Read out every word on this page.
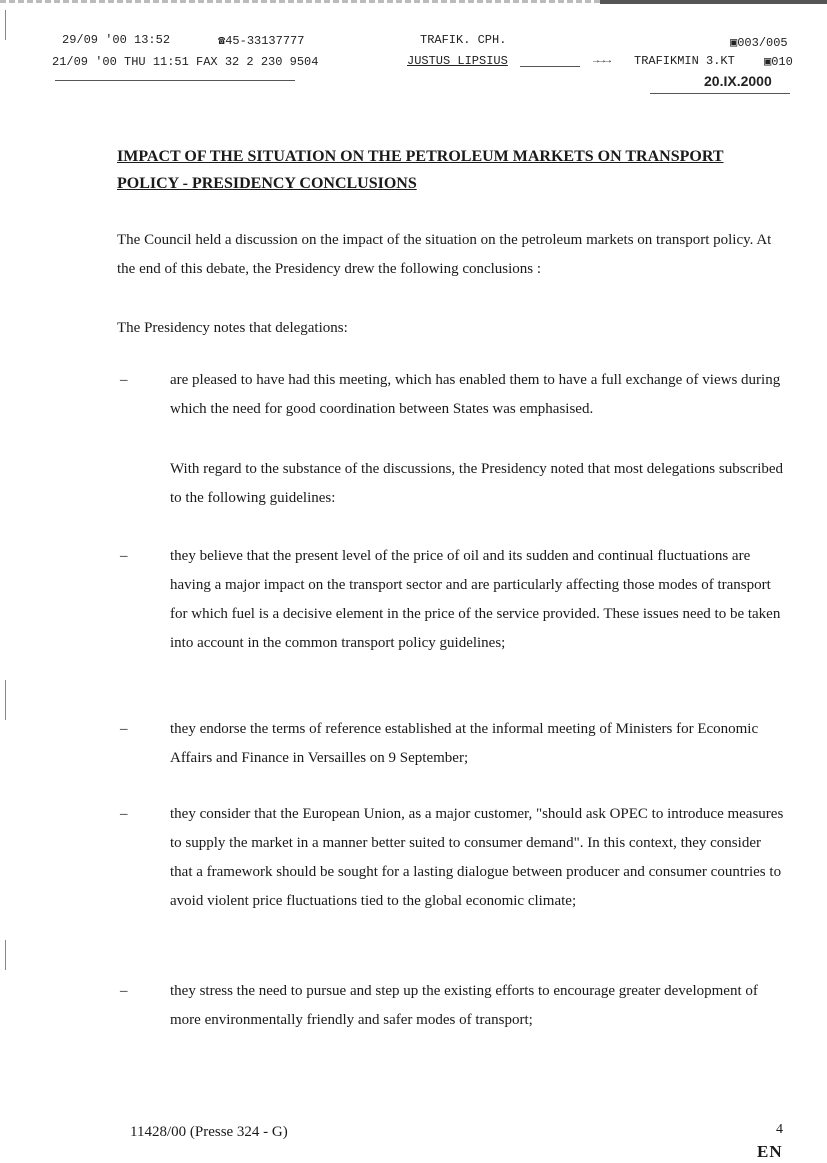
29/09 '00 13:52	☎45-33137777	TRAFIK. CPH.	▣003/005
21/09 '00 THU 11:51 FAX 32 2 230 9504	JUSTUS LIPSIUS	→→→ TRAFIKMIN 3.KT ▣010
20.IX.2000
IMPACT OF THE SITUATION ON THE PETROLEUM MARKETS ON TRANSPORT
POLICY - PRESIDENCY CONCLUSIONS
The Council held a discussion on the impact of the situation on the petroleum markets on transport policy. At the end of this debate, the Presidency drew the following conclusions :
The Presidency notes that delegations:
–	are pleased to have had this meeting, which has enabled them to have a full exchange of views during which the need for good coordination between States was emphasised.
With regard to the substance of the discussions, the Presidency noted that most delegations subscribed to the following guidelines:
–	they believe that the present level of the price of oil and its sudden and continual fluctuations are having a major impact on the transport sector and are particularly affecting those modes of transport for which fuel is a decisive element in the price of the service provided. These issues need to be taken into account in the common transport policy guidelines;
–	they endorse the terms of reference established at the informal meeting of Ministers for Economic Affairs and Finance in Versailles on 9 September;
–	they consider that the European Union, as a major customer, "should ask OPEC to introduce measures to supply the market in a manner better suited to consumer demand". In this context, they consider that a framework should be sought for a lasting dialogue between producer and consumer countries to avoid violent price fluctuations tied to the global economic climate;
–	they stress the need to pursue and step up the existing efforts to encourage greater development of more environmentally friendly and safer modes of transport;
11428/00 (Presse 324 - G)	4
EN
